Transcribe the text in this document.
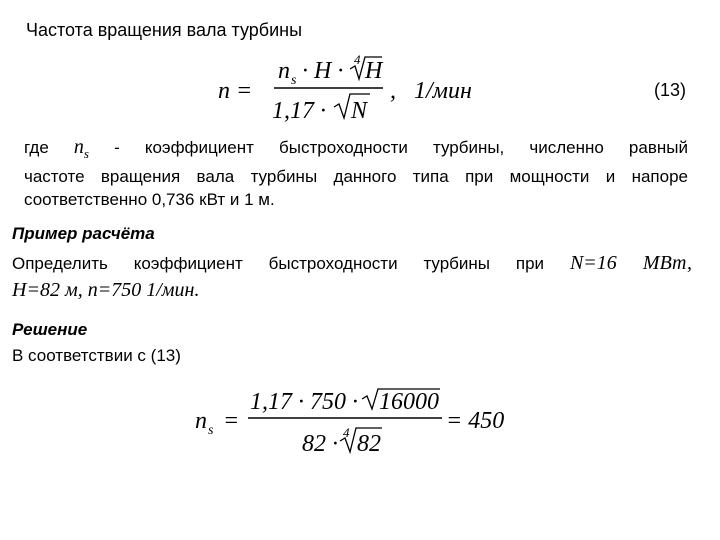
Частота вращения вала турбины
n =
n s · H · 4 H
1,17 · N
,   1/мин	(13)
где $n_s$ - коэффициент быстроходности турбины, численно равный
частоте вращения вала турбины данного типа при мощности и напоре
соответственно 0,736 кВт и 1 м.
Пример расчёта
Определить коэффициент быстроходности турбины при N=16 МВт,
H=82 м, n=750 1/мин.
Решение
В соответствии с (13)
n s =
1,17 · 750 · 16000
82 · 4 82
= 450
